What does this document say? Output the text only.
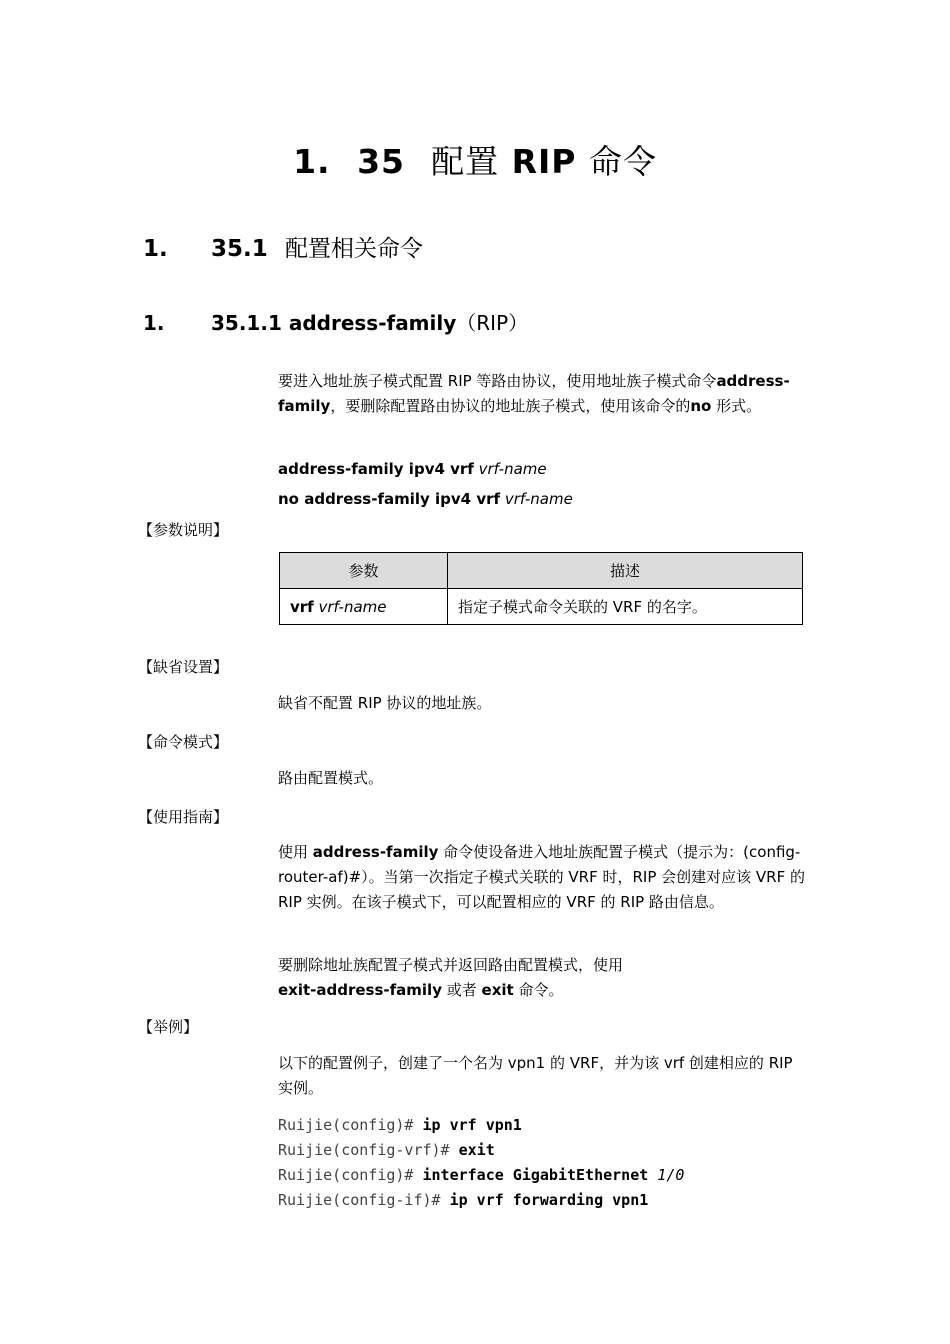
1. 35 配置 RIP 命令
1. 35.1 配置相关命令
1. 35.1.1 address-family（RIP）
要进入地址族子模式配置 RIP 等路由协议，使用地址族子模式命令address-family，要删除配置路由协议的地址族子模式，使用该命令的no 形式。
address-family ipv4 vrf vrf-name
no address-family ipv4 vrf vrf-name
【参数说明】
参数	描述
vrf vrf-name	指定子模式命令关联的 VRF 的名字。
【缺省设置】
缺省不配置 RIP 协议的地址族。
【命令模式】
路由配置模式。
【使用指南】
使用 address-family 命令使设备进入地址族配置子模式（提示为：(config-router-af)#）。当第一次指定子模式关联的 VRF 时，RIP 会创建对应该 VRF 的 RIP 实例。在该子模式下，可以配置相应的 VRF 的 RIP 路由信息。
要删除地址族配置子模式并返回路由配置模式，使用
exit-address-family 或者 exit 命令。
【举例】
以下的配置例子，创建了一个名为 vpn1 的 VRF，并为该 vrf 创建相应的 RIP 实例。
Ruijie(config)# ip vrf vpn1
Ruijie(config-vrf)# exit
Ruijie(config)# interface GigabitEthernet 1/0
Ruijie(config-if)# ip vrf forwarding vpn1
